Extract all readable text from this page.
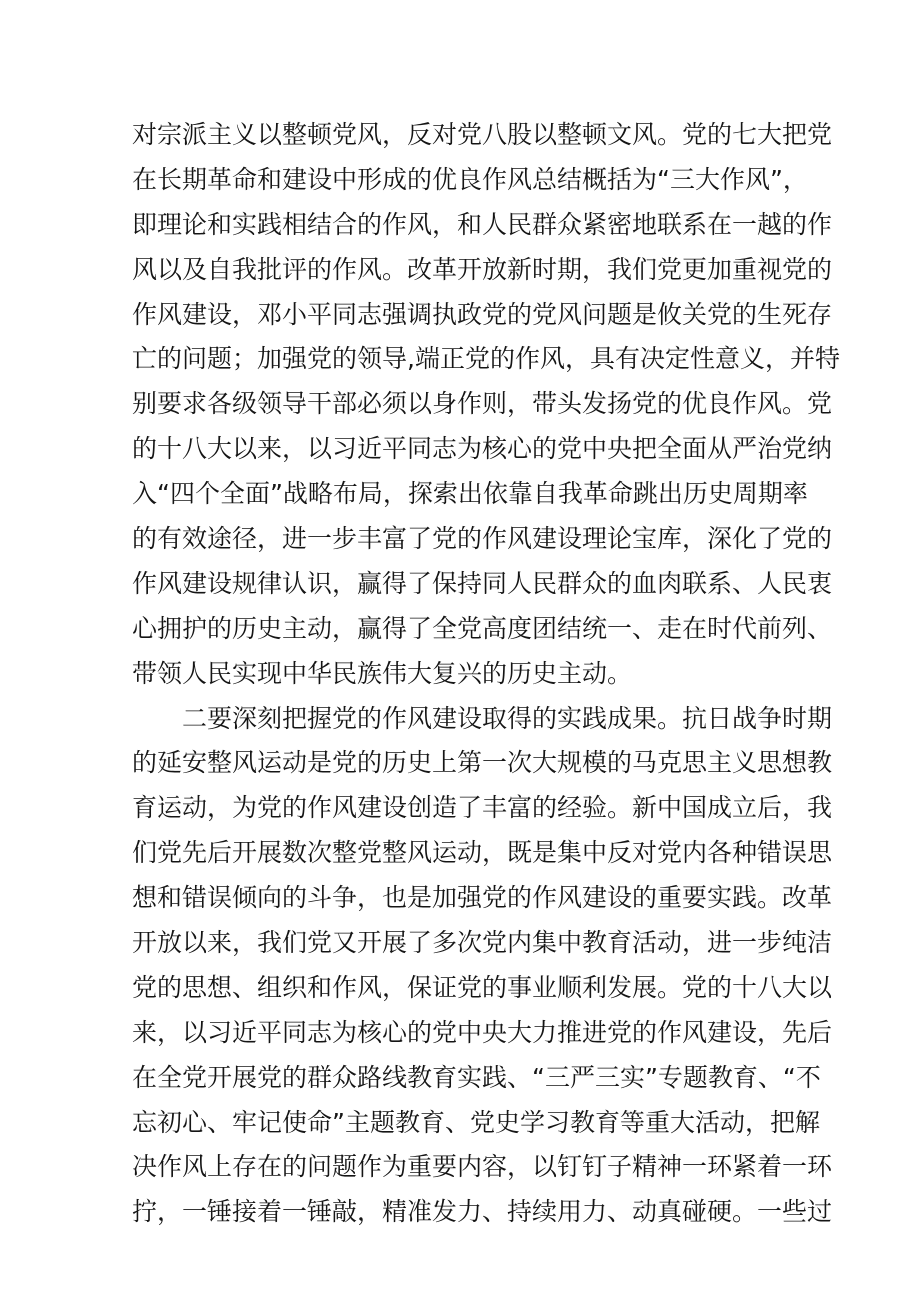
对宗派主义以整顿党风，反对党八股以整顿文风。党的七大把党
在长期革命和建设中形成的优良作风总结概括为“三大作风”，
即理论和实践相结合的作风，和人民群众紧密地联系在一越的作
风以及自我批评的作风。改革开放新时期，我们党更加重视党的
作风建设，邓小平同志强调执政党的党风问题是攸关党的生死存
亡的问题；加强党的领导,端正党的作风，具有决定性意义，并特
别要求各级领导干部必须以身作则，带头发扬党的优良作风。党
的十八大以来，以习近平同志为核心的党中央把全面从严治党纳
入“四个全面”战略布局，探索出依靠自我革命跳出历史周期率
的有效途径，进一步丰富了党的作风建设理论宝库，深化了党的
作风建设规律认识，赢得了保持同人民群众的血肉联系、人民衷
心拥护的历史主动，赢得了全党高度团结统一、走在时代前列、
带领人民实现中华民族伟大复兴的历史主动。
二要深刻把握党的作风建设取得的实践成果。抗日战争时期
的延安整风运动是党的历史上第一次大规模的马克思主义思想教
育运动，为党的作风建设创造了丰富的经验。新中国成立后，我
们党先后开展数次整党整风运动，既是集中反对党内各种错误思
想和错误倾向的斗争，也是加强党的作风建设的重要实践。改革
开放以来，我们党又开展了多次党内集中教育活动，进一步纯洁
党的思想、组织和作风，保证党的事业顺利发展。党的十八大以
来，以习近平同志为核心的党中央大力推进党的作风建设，先后
在全党开展党的群众路线教育实践、“三严三实”专题教育、“不
忘初心、牢记使命”主题教育、党史学习教育等重大活动，把解
决作风上存在的问题作为重要内容，以钉钉子精神一环紧着一环
拧，一锤接着一锤敲，精准发力、持续用力、动真碰硬。一些过
